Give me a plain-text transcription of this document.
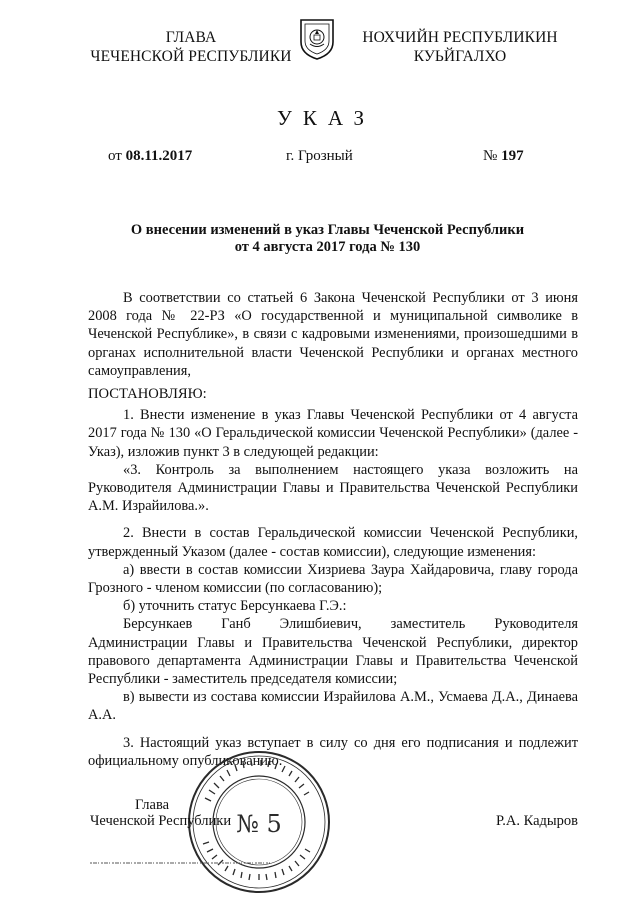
ГЛАВА
ЧЕЧЕНСКОЙ РЕСПУБЛИКИ
НОХЧИЙН РЕСПУБЛИКИН
КУЬЙГАЛХО
УКАЗ
от 08.11.2017	г. Грозный	№ 197
О внесении изменений в указ Главы Чеченской Республики
от 4 августа 2017 года № 130

В соответствии со статьей 6 Закона Чеченской Республики от 3 июня 2008 года № 22-РЗ «О государственной и муниципальной символике в Чеченской Республике», в связи с кадровыми изменениями, произошедшими в органах исполнительной власти Чеченской Республики и органах местного самоуправления,

ПОСТАНОВЛЯЮ:

1. Внести изменение в указ Главы Чеченской Республики от 4 августа 2017 года № 130 «О Геральдической комиссии Чеченской Республики» (далее - Указ), изложив пункт 3 в следующей редакции:

«3. Контроль за выполнением настоящего указа возложить на Руководителя Администрации Главы и Правительства Чеченской Республики А.М. Израйилова.».

2. Внести в состав Геральдической комиссии Чеченской Республики, утвержденный Указом (далее - состав комиссии), следующие изменения:

а) ввести в состав комиссии Хизриева Заура Хайдаровича, главу города Грозного - членом комиссии (по согласованию);

б) уточнить статус Берсункаева Г.Э.:

Берсункаев Ганб Элишбиевич, заместитель Руководителя Администрации Главы и Правительства Чеченской Республики, директор правового департамента Администрации Главы и Правительства Чеченской Республики - заместитель председателя комиссии;

в) вывести из состава комиссии Израйилова А.М., Усмаева Д.А., Динаева А.А.

3. Настоящий указ вступает в силу со дня его подписания и подлежит официальному опубликованию.

№ 5
Глава
Чеченской Республики	Р.А. Кадыров
